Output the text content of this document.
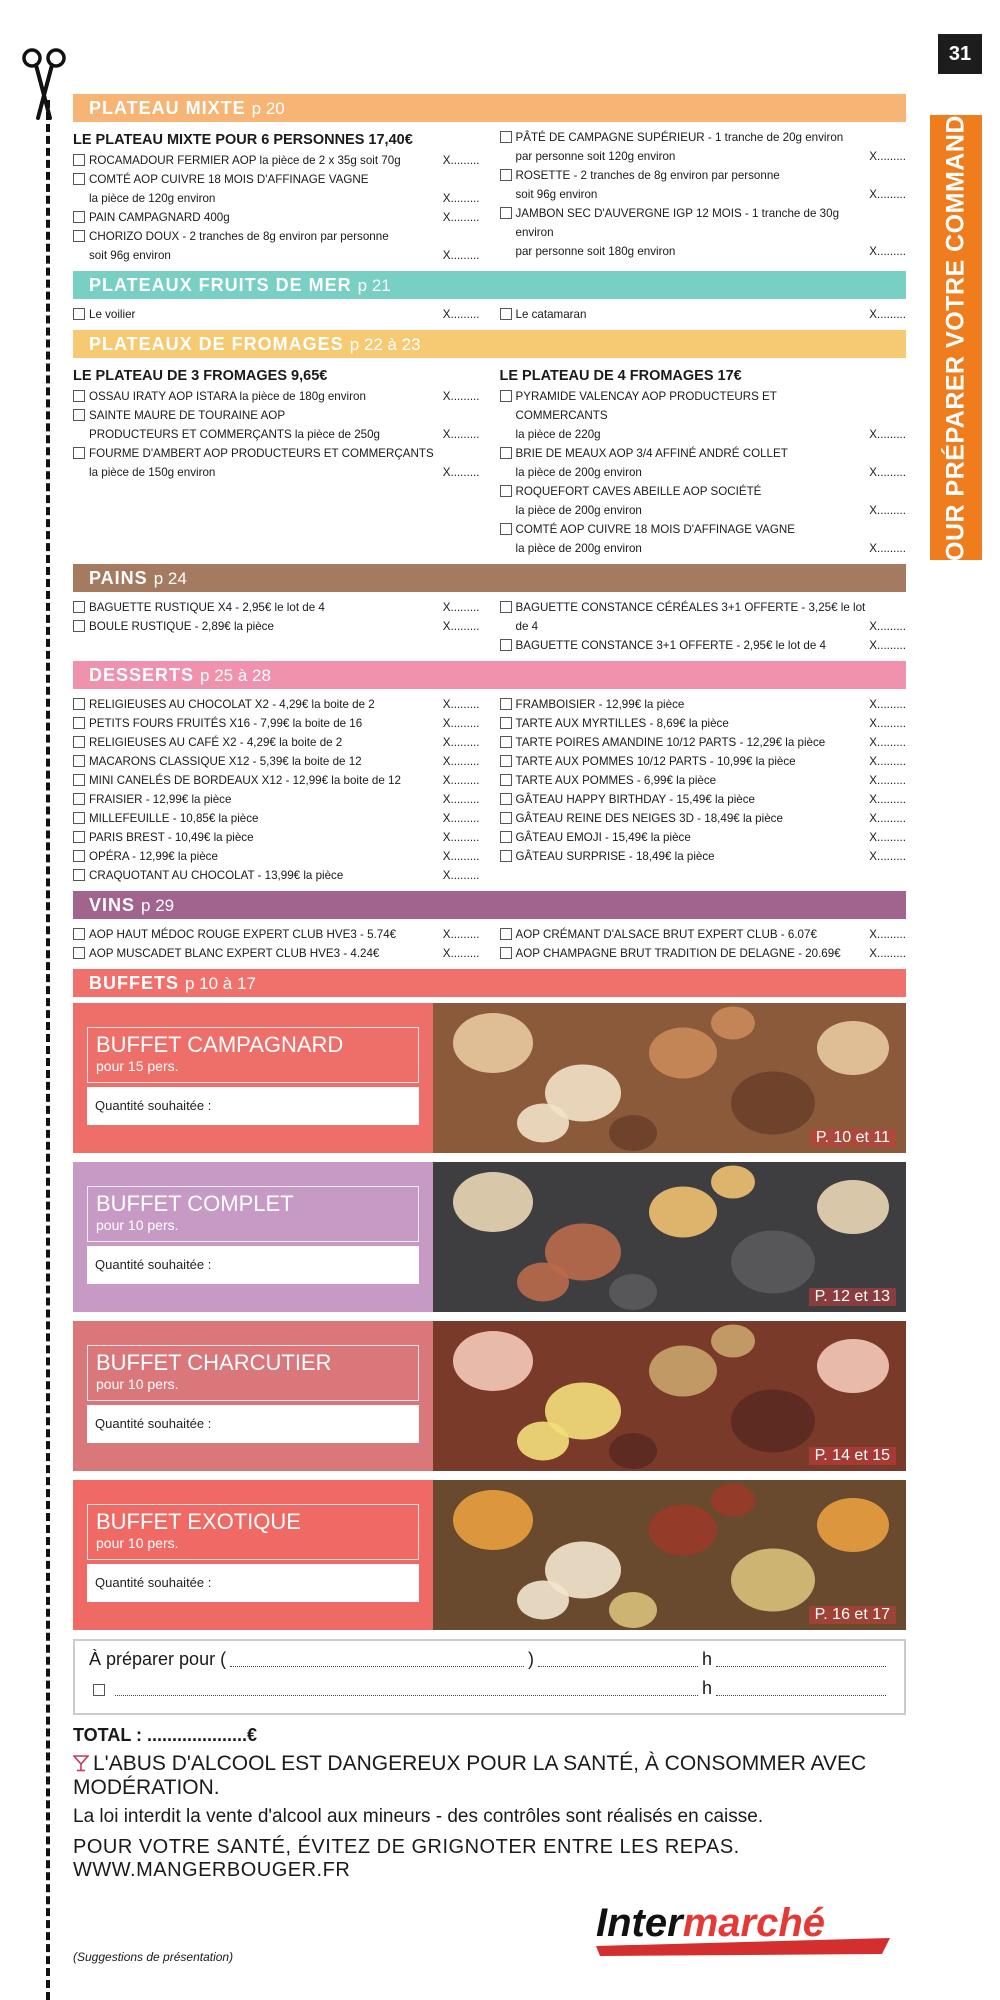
31
POUR PRÉPARER VOTRE COMMANDE
PLATEAU MIXTE p 20
LE PLATEAU MIXTE POUR 6 PERSONNES 17,40€
ROCAMADOUR FERMIER AOP la pièce de 2 x 35g soit 70g	X.........
COMTÉ AOP CUIVRE 18 MOIS D'AFFINAGE VAGNE
la pièce de 120g environ	X.........
PAIN CAMPAGNARD 400g	X.........
CHORIZO DOUX - 2 tranches de 8g environ par personne
soit 96g environ	X.........
PÂTÉ DE CAMPAGNE SUPÉRIEUR - 1 tranche de 20g environ
par personne soit 120g environ	X.........
ROSETTE - 2 tranches de 8g environ par personne
soit 96g environ	X.........
JAMBON SEC D'AUVERGNE IGP 12 MOIS - 1 tranche de 30g environ
par personne soit 180g environ	X.........
PLATEAUX FRUITS DE MER p 21
Le voilier	X.........	Le catamaran	X.........
PLATEAUX DE FROMAGES p 22 à 23
LE PLATEAU DE 3 FROMAGES 9,65€
OSSAU IRATY AOP ISTARA la pièce de 180g environ	X.........
SAINTE MAURE DE TOURAINE AOP
PRODUCTEURS ET COMMERÇANTS la pièce de 250g	X.........
FOURME D'AMBERT AOP PRODUCTEURS ET COMMERÇANTS
la pièce de 150g environ	X.........
LE PLATEAU DE 4 FROMAGES 17€
PYRAMIDE VALENCAY AOP PRODUCTEURS ET COMMERCANTS
la pièce de 220g	X.........
BRIE DE MEAUX AOP 3/4 AFFINÉ ANDRÉ COLLET
la pièce de 200g environ	X.........
ROQUEFORT CAVES ABEILLE AOP SOCIÉTÉ
la pièce de 200g environ	X.........
COMTÉ AOP CUIVRE 18 MOIS D'AFFINAGE VAGNE
la pièce de 200g environ	X.........
PAINS p 24
BAGUETTE RUSTIQUE X4 - 2,95€ le lot de 4	X.........
BOULE RUSTIQUE - 2,89€ la pièce	X.........
BAGUETTE CONSTANCE CÉRÉALES 3+1 OFFERTE - 3,25€ le lot de 4	X.........
BAGUETTE CONSTANCE 3+1 OFFERTE - 2,95€ le lot de 4	X.........
DESSERTS p 25 à 28
RELIGIEUSES AU CHOCOLAT X2 - 4,29€ la boite de 2	X.........
PETITS FOURS FRUITÉS X16 - 7,99€ la boite de 16	X.........
RELIGIEUSES AU CAFÉ X2 - 4,29€ la boite de 2	X.........
MACARONS CLASSIQUE X12 - 5,39€ la boite de 12	X.........
MINI CANELÉS DE BORDEAUX X12 - 12,99€ la boite de 12	X.........
FRAISIER - 12,99€ la pièce	X.........
MILLEFEUILLE - 10,85€ la pièce	X.........
PARIS BREST - 10,49€ la pièce	X.........
OPÉRA - 12,99€ la pièce	X.........
CRAQUOTANT AU CHOCOLAT - 13,99€ la pièce	X.........
FRAMBOISIER - 12,99€ la pièce	X.........
TARTE AUX MYRTILLES - 8,69€ la pièce	X.........
TARTE POIRES AMANDINE 10/12 PARTS - 12,29€ la pièce	X.........
TARTE AUX POMMES 10/12 PARTS - 10,99€ la pièce	X.........
TARTE AUX POMMES - 6,99€ la pièce	X.........
GÂTEAU HAPPY BIRTHDAY - 15,49€ la pièce	X.........
GÂTEAU REINE DES NEIGES 3D - 18,49€ la pièce	X.........
GÂTEAU EMOJI - 15,49€ la pièce	X.........
GÂTEAU SURPRISE - 18,49€ la pièce	X.........
VINS p 29
AOP HAUT MÉDOC ROUGE EXPERT CLUB HVE3 - 5.74€	X.........
AOP MUSCADET BLANC EXPERT CLUB HVE3 - 4.24€	X.........
AOP CRÉMANT D'ALSACE BRUT EXPERT CLUB - 6.07€	X.........
AOP CHAMPAGNE BRUT TRADITION DE DELAGNE - 20.69€	X.........
BUFFETS p 10 à 17
BUFFET CAMPAGNARD
pour 15 pers.
Quantité souhaitée :
P. 10 et 11
BUFFET COMPLET
pour 10 pers.
Quantité souhaitée :
P. 12 et 13
BUFFET CHARCUTIER
pour 10 pers.
Quantité souhaitée :
P. 14 et 15
BUFFET EXOTIQUE
pour 10 pers.
Quantité souhaitée :
P. 16 et 17
À préparer pour (	)	h
h
TOTAL : ....................€
L'ABUS D'ALCOOL EST DANGEREUX POUR LA SANTÉ, À CONSOMMER AVEC MODÉRATION.
La loi interdit la vente d'alcool aux mineurs - des contrôles sont réalisés en caisse.
POUR VOTRE SANTÉ, ÉVITEZ DE GRIGNOTER ENTRE LES REPAS. WWW.MANGERBOUGER.FR
Intermarché
(Suggestions de présentation)
